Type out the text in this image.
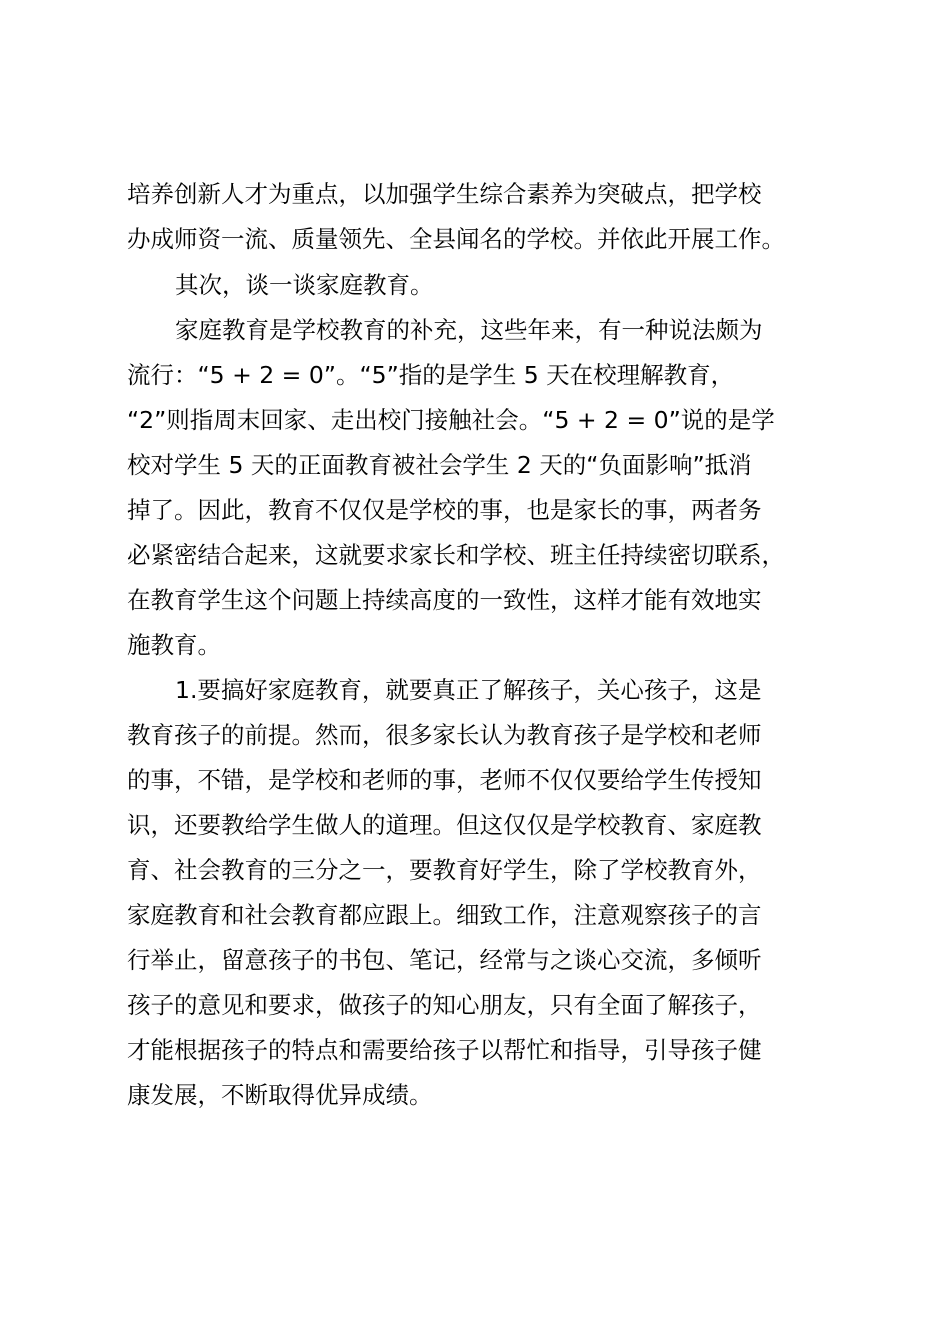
培养创新人才为重点，以加强学生综合素养为突破点，把学校
办成师资一流、质量领先、全县闻名的学校。并依此开展工作。
其次，谈一谈家庭教育。
家庭教育是学校教育的补充，这些年来，有一种说法颇为
流行：“5 + 2 = 0”。“5”指的是学生 5 天在校理解教育，
“2”则指周末回家、走出校门接触社会。“5 + 2 = 0”说的是学
校对学生 5 天的正面教育被社会学生 2 天的“负面影响”抵消
掉了。因此，教育不仅仅是学校的事，也是家长的事，两者务
必紧密结合起来，这就要求家长和学校、班主任持续密切联系，
在教育学生这个问题上持续高度的一致性，这样才能有效地实
施教育。
1.要搞好家庭教育，就要真正了解孩子，关心孩子，这是
教育孩子的前提。然而，很多家长认为教育孩子是学校和老师
的事，不错，是学校和老师的事，老师不仅仅要给学生传授知
识，还要教给学生做人的道理。但这仅仅是学校教育、家庭教
育、社会教育的三分之一，要教育好学生，除了学校教育外，
家庭教育和社会教育都应跟上。细致工作，注意观察孩子的言
行举止，留意孩子的书包、笔记，经常与之谈心交流，多倾听
孩子的意见和要求，做孩子的知心朋友，只有全面了解孩子，
才能根据孩子的特点和需要给孩子以帮忙和指导，引导孩子健
康发展，不断取得优异成绩。
